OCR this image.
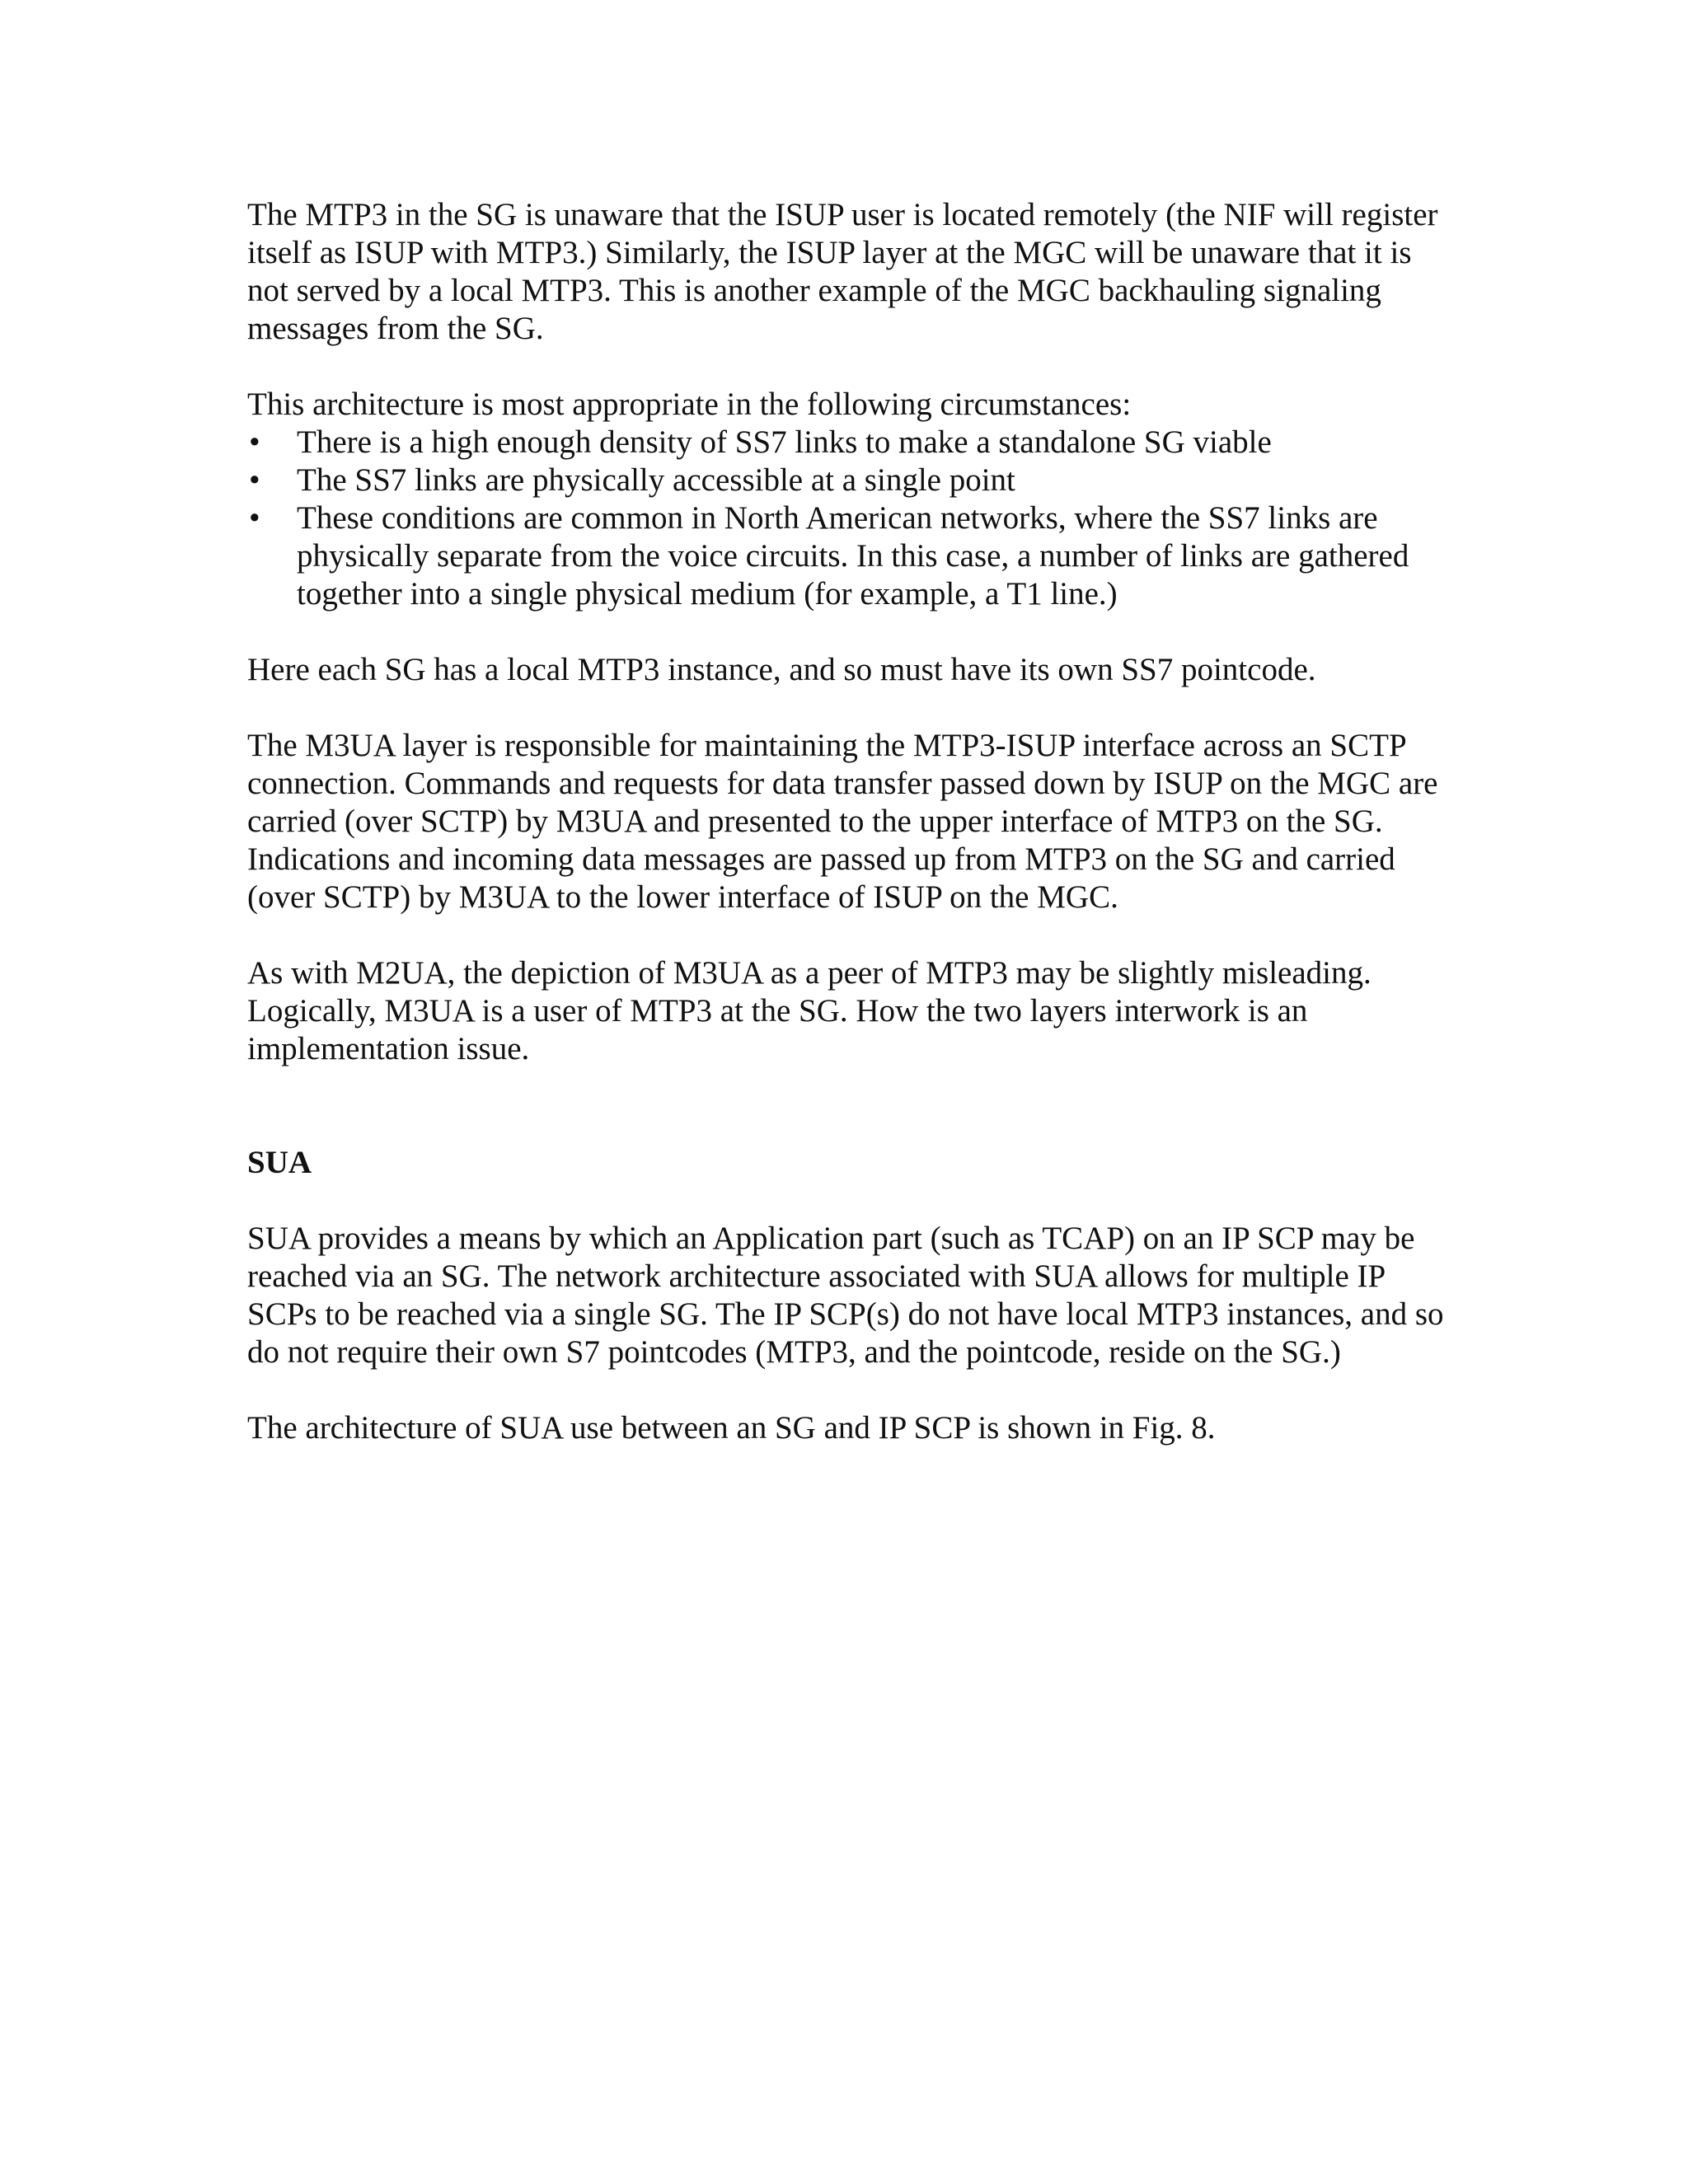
The MTP3 in the SG is unaware that the ISUP user is located remotely (the NIF will register itself as ISUP with MTP3.) Similarly, the ISUP layer at the MGC will be unaware that it is not served by a local MTP3. This is another example of the MGC backhauling signaling messages from the SG.

This architecture is most appropriate in the following circumstances:

• There is a high enough density of SS7 links to make a standalone SG viable
• The SS7 links are physically accessible at a single point
• These conditions are common in North American networks, where the SS7 links are physically separate from the voice circuits. In this case, a number of links are gathered together into a single physical medium (for example, a T1 line.)

Here each SG has a local MTP3 instance, and so must have its own SS7 pointcode.

The M3UA layer is responsible for maintaining the MTP3-ISUP interface across an SCTP connection. Commands and requests for data transfer passed down by ISUP on the MGC are carried (over SCTP) by M3UA and presented to the upper interface of MTP3 on the SG. Indications and incoming data messages are passed up from MTP3 on the SG and carried (over SCTP) by M3UA to the lower interface of ISUP on the MGC.

As with M2UA, the depiction of M3UA as a peer of MTP3 may be slightly misleading. Logically, M3UA is a user of MTP3 at the SG. How the two layers interwork is an implementation issue.

SUA

SUA provides a means by which an Application part (such as TCAP) on an IP SCP may be reached via an SG. The network architecture associated with SUA allows for multiple IP SCPs to be reached via a single SG. The IP SCP(s) do not have local MTP3 instances, and so do not require their own S7 pointcodes (MTP3, and the pointcode, reside on the SG.)

The architecture of SUA use between an SG and IP SCP is shown in Fig. 8.
